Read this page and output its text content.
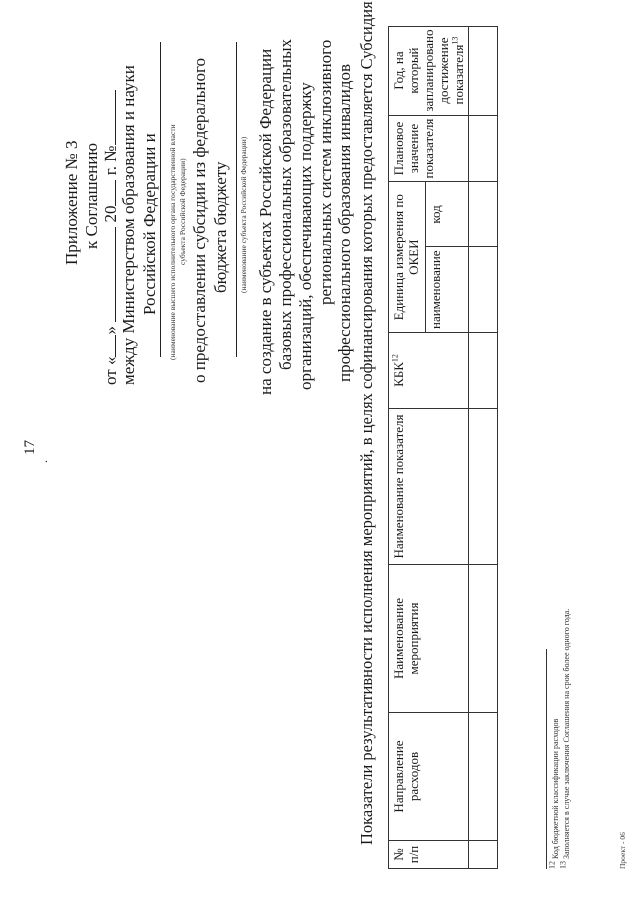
17
.
Приложение № 3 к Соглашению
от «»  20 г. №
между Министерством образования и науки Российской Федерации и (наименование высшего исполнительного органа государственной власти субъекта Российской Федерации) о предоставлении субсидии из федерального бюджета бюджету (наименование субъекта Российской Федерации) на создание в субъектах Российской Федерации базовых профессиональных образовательных организаций, обеспечивающих поддержку региональных систем инклюзивного профессионального образования инвалидов Показатели результативности исполнения мероприятий, в целях софинансирования которых предоставляется Субсидия
№ п/п	Направление расходов	Наименование мероприятия	Наименование показателя	КБК$^{12}$	Единица измерения по ОКЕИ		Плановое значение показателя	Год, на который запланировано достижение показателя$^{13}$
					наименование	код		

$^{12}$ Код бюджетной классификации расходов
$^{13}$ Заполняется в случае заключения Соглашения на срок более одного года.	Проект - 06
